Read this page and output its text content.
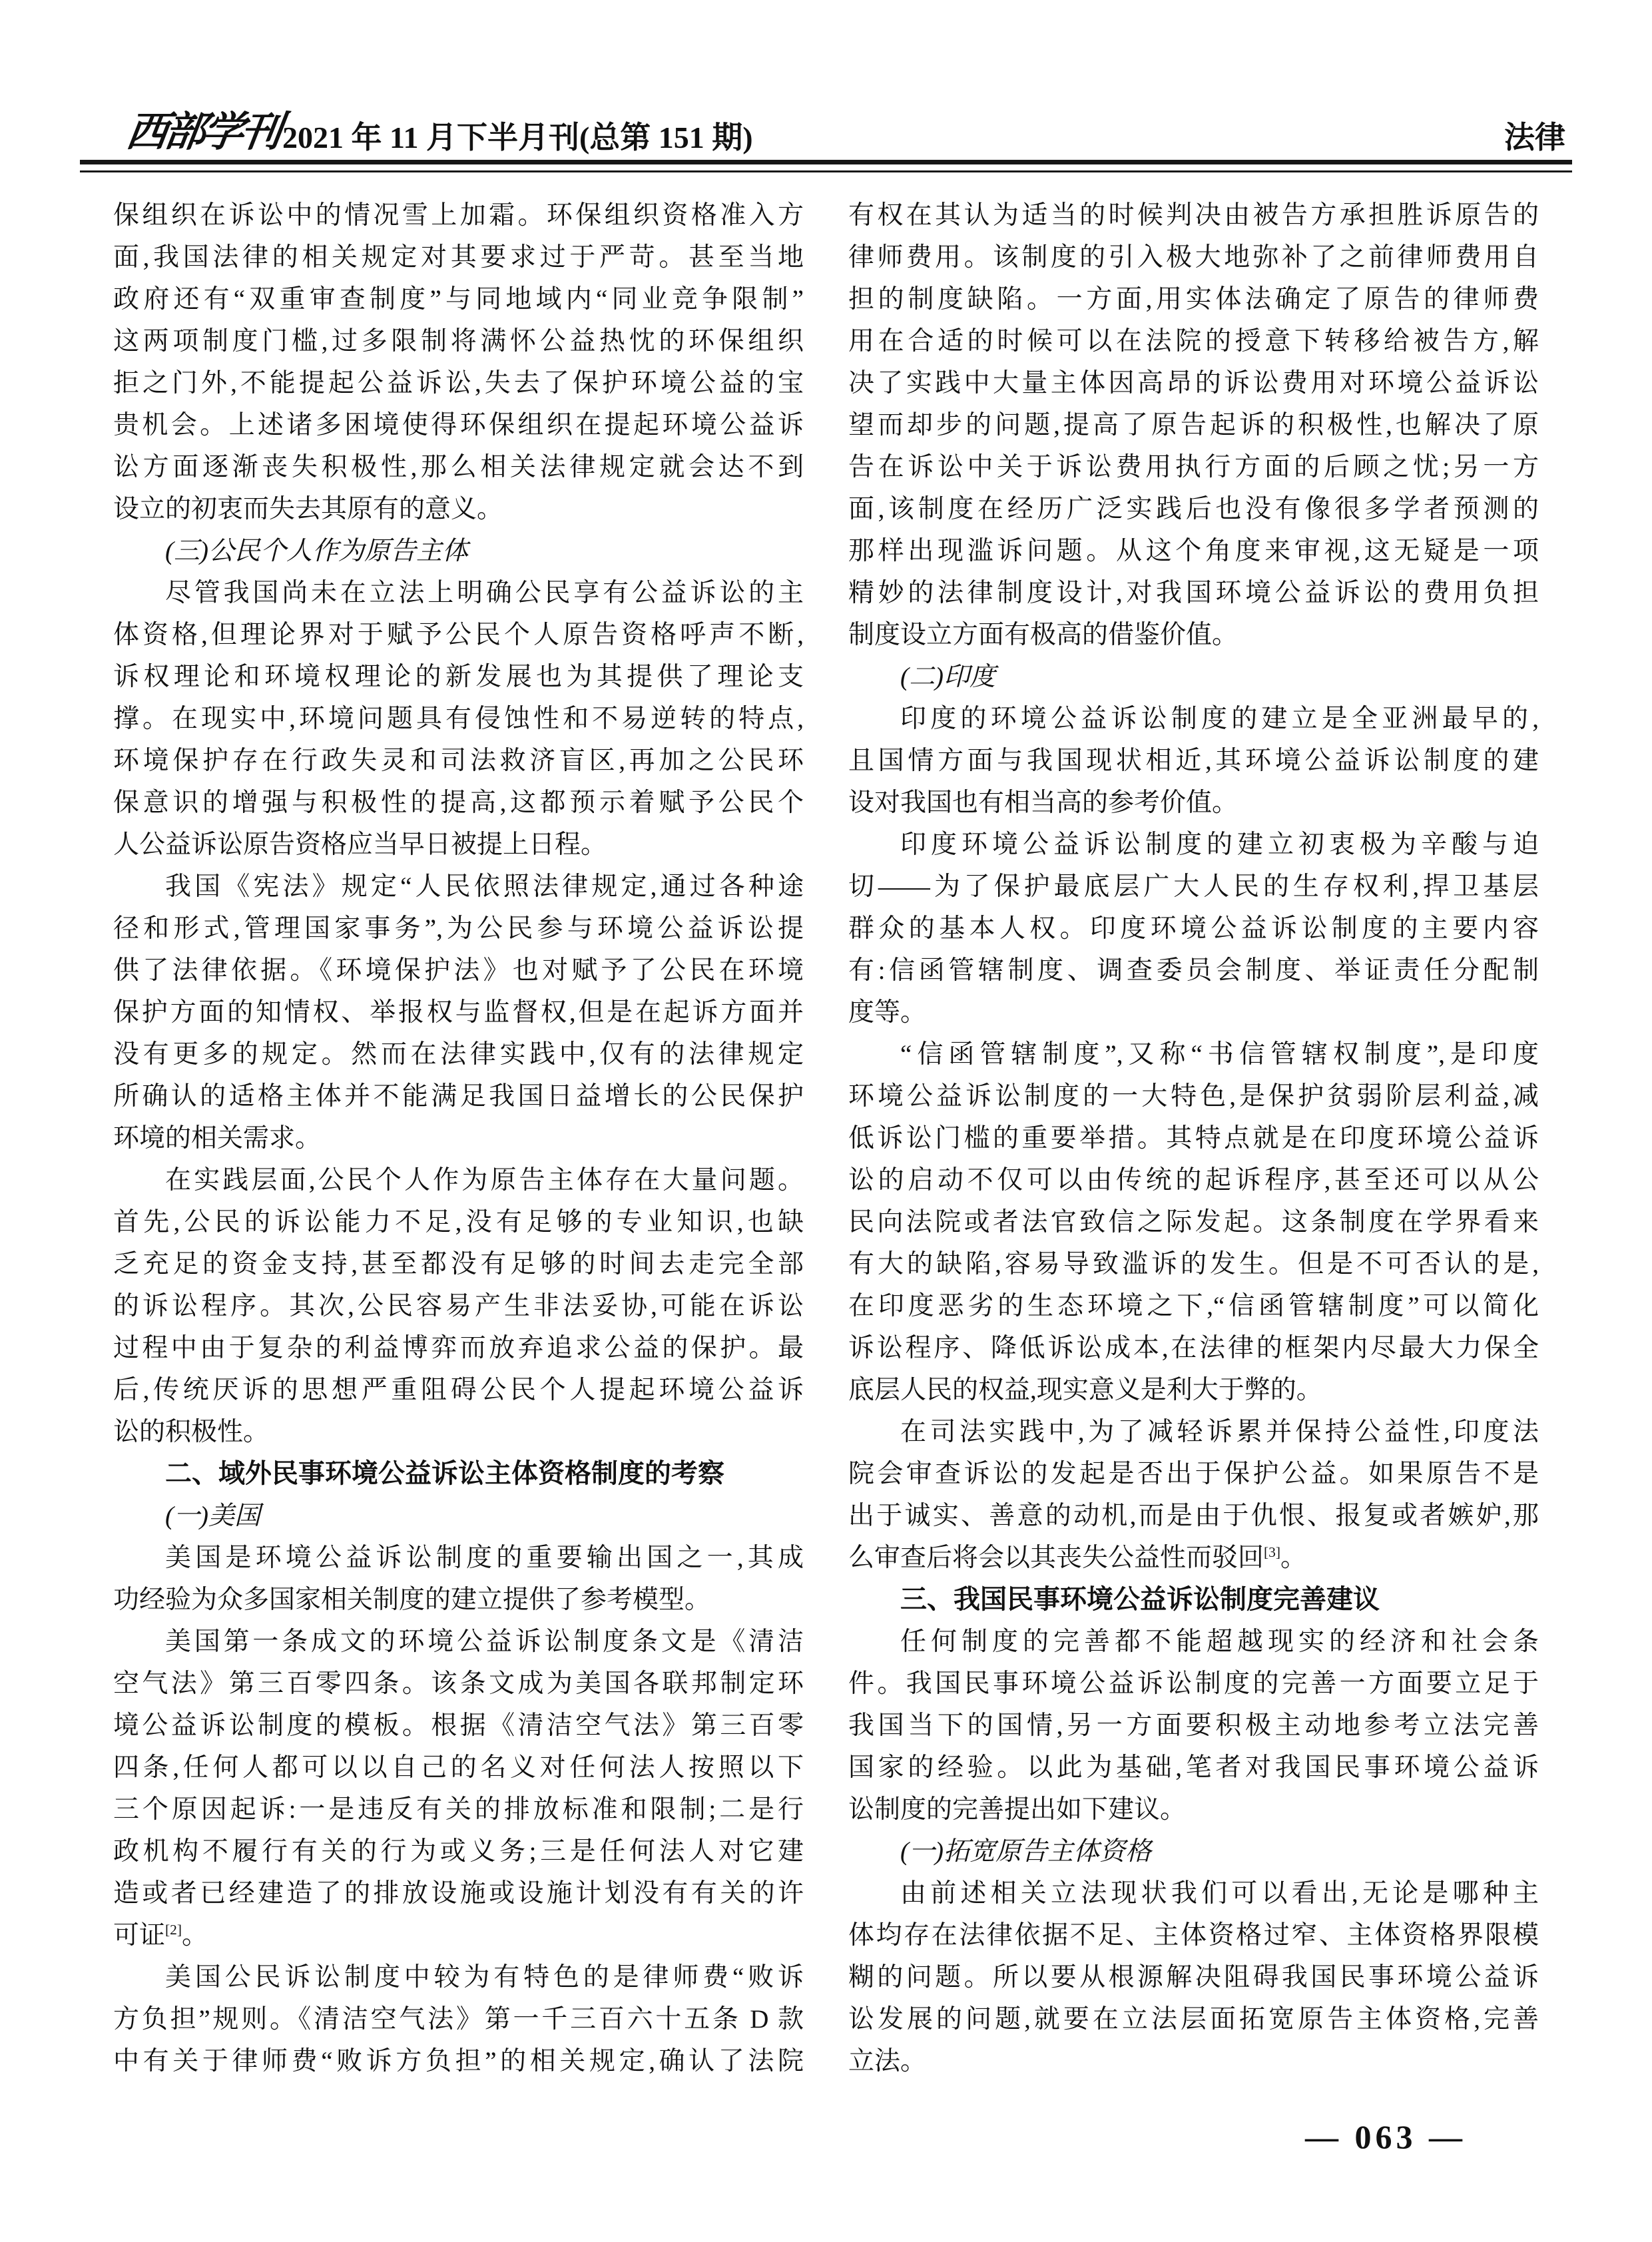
西部学刊 2021 年 11 月下半月刊(总第 151 期)	法律
保组织在诉讼中的情况雪上加霜。环保组织资格准入方
面,我国法律的相关规定对其要求过于严苛。甚至当地
政府还有“双重审查制度”与同地域内“同业竞争限制”
这两项制度门槛,过多限制将满怀公益热忱的环保组织
拒之门外,不能提起公益诉讼,失去了保护环境公益的宝
贵机会。上述诸多困境使得环保组织在提起环境公益诉
讼方面逐渐丧失积极性,那么相关法律规定就会达不到
设立的初衷而失去其原有的意义。
(三)公民个人作为原告主体
尽管我国尚未在立法上明确公民享有公益诉讼的主
体资格,但理论界对于赋予公民个人原告资格呼声不断,
诉权理论和环境权理论的新发展也为其提供了理论支
撑。在现实中,环境问题具有侵蚀性和不易逆转的特点,
环境保护存在行政失灵和司法救济盲区,再加之公民环
保意识的增强与积极性的提高,这都预示着赋予公民个
人公益诉讼原告资格应当早日被提上日程。
我国《宪法》规定“人民依照法律规定,通过各种途
径和形式,管理国家事务”,为公民参与环境公益诉讼提
供了法律依据。《环境保护法》也对赋予了公民在环境
保护方面的知情权、举报权与监督权,但是在起诉方面并
没有更多的规定。然而在法律实践中,仅有的法律规定
所确认的适格主体并不能满足我国日益增长的公民保护
环境的相关需求。
在实践层面,公民个人作为原告主体存在大量问题。
首先,公民的诉讼能力不足,没有足够的专业知识,也缺
乏充足的资金支持,甚至都没有足够的时间去走完全部
的诉讼程序。其次,公民容易产生非法妥协,可能在诉讼
过程中由于复杂的利益博弈而放弃追求公益的保护。最
后,传统厌诉的思想严重阻碍公民个人提起环境公益诉
讼的积极性。
二、域外民事环境公益诉讼主体资格制度的考察
(一)美国
美国是环境公益诉讼制度的重要输出国之一,其成
功经验为众多国家相关制度的建立提供了参考模型。
美国第一条成文的环境公益诉讼制度条文是《清洁
空气法》第三百零四条。该条文成为美国各联邦制定环
境公益诉讼制度的模板。根据《清洁空气法》第三百零
四条,任何人都可以以自己的名义对任何法人按照以下
三个原因起诉:一是违反有关的排放标准和限制;二是行
政机构不履行有关的行为或义务;三是任何法人对它建
造或者已经建造了的排放设施或设施计划没有有关的许
可证[2]。
美国公民诉讼制度中较为有特色的是律师费“败诉
方负担”规则。《清洁空气法》第一千三百六十五条 D 款
中有关于律师费“败诉方负担”的相关规定,确认了法院
有权在其认为适当的时候判决由被告方承担胜诉原告的
律师费用。该制度的引入极大地弥补了之前律师费用自
担的制度缺陷。一方面,用实体法确定了原告的律师费
用在合适的时候可以在法院的授意下转移给被告方,解
决了实践中大量主体因高昂的诉讼费用对环境公益诉讼
望而却步的问题,提高了原告起诉的积极性,也解决了原
告在诉讼中关于诉讼费用执行方面的后顾之忧;另一方
面,该制度在经历广泛实践后也没有像很多学者预测的
那样出现滥诉问题。从这个角度来审视,这无疑是一项
精妙的法律制度设计,对我国环境公益诉讼的费用负担
制度设立方面有极高的借鉴价值。
(二)印度
印度的环境公益诉讼制度的建立是全亚洲最早的,
且国情方面与我国现状相近,其环境公益诉讼制度的建
设对我国也有相当高的参考价值。
印度环境公益诉讼制度的建立初衷极为辛酸与迫
切——为了保护最底层广大人民的生存权利,捍卫基层
群众的基本人权。印度环境公益诉讼制度的主要内容
有:信函管辖制度、调查委员会制度、举证责任分配制
度等。
“信函管辖制度”,又称“书信管辖权制度”,是印度
环境公益诉讼制度的一大特色,是保护贫弱阶层利益,减
低诉讼门槛的重要举措。其特点就是在印度环境公益诉
讼的启动不仅可以由传统的起诉程序,甚至还可以从公
民向法院或者法官致信之际发起。这条制度在学界看来
有大的缺陷,容易导致滥诉的发生。但是不可否认的是,
在印度恶劣的生态环境之下,“信函管辖制度”可以简化
诉讼程序、降低诉讼成本,在法律的框架内尽最大力保全
底层人民的权益,现实意义是利大于弊的。
在司法实践中,为了减轻诉累并保持公益性,印度法
院会审查诉讼的发起是否出于保护公益。如果原告不是
出于诚实、善意的动机,而是由于仇恨、报复或者嫉妒,那
么审查后将会以其丧失公益性而驳回[3]。
三、我国民事环境公益诉讼制度完善建议
任何制度的完善都不能超越现实的经济和社会条
件。我国民事环境公益诉讼制度的完善一方面要立足于
我国当下的国情,另一方面要积极主动地参考立法完善
国家的经验。以此为基础,笔者对我国民事环境公益诉
讼制度的完善提出如下建议。
(一)拓宽原告主体资格
由前述相关立法现状我们可以看出,无论是哪种主
体均存在法律依据不足、主体资格过窄、主体资格界限模
糊的问题。所以要从根源解决阻碍我国民事环境公益诉
讼发展的问题,就要在立法层面拓宽原告主体资格,完善
立法。
— 063 —
